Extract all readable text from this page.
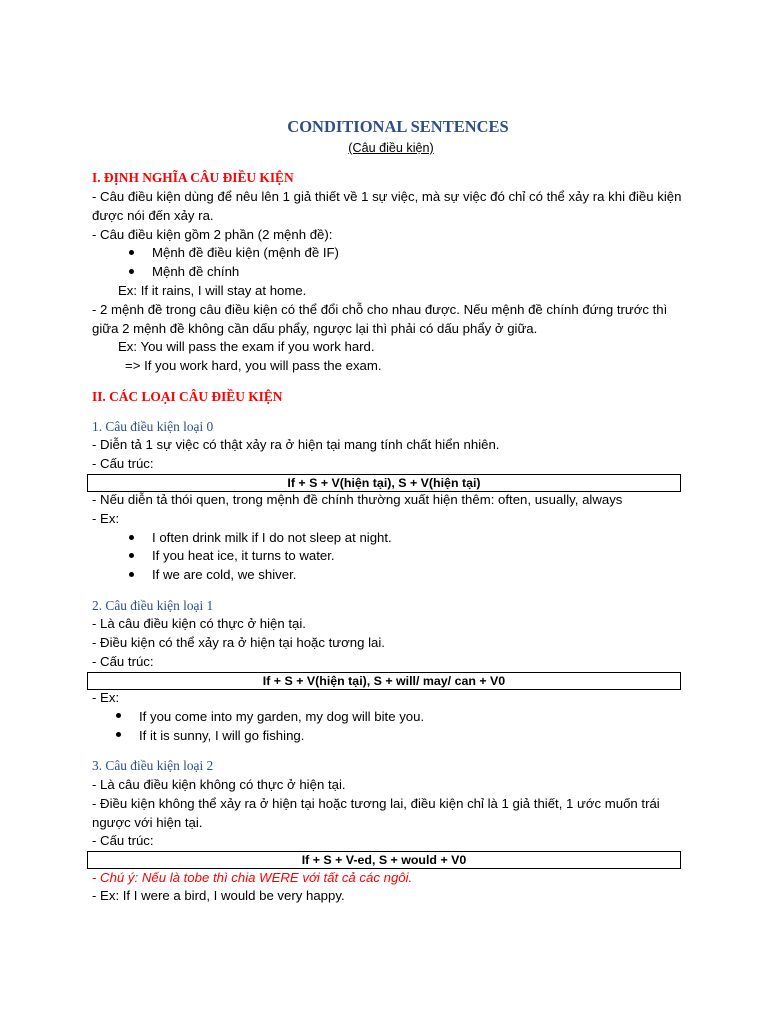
CONDITIONAL SENTENCES
(Câu điều kiện)
I. ĐỊNH NGHĨA CÂU ĐIỀU KIỆN
- Câu điều kiện dùng để nêu lên 1 giả thiết về 1 sự việc, mà sự việc đó chỉ có thể xảy ra khi điều kiện
được nói đến xảy ra.
- Câu điều kiện gồm 2 phần (2 mệnh đề):
Mệnh đề điều kiện (mệnh đề IF)
Mệnh đề chính
Ex: If it rains, I will stay at home.
- 2 mệnh đề trong câu điều kiện có thể đổi chỗ cho nhau được. Nếu mệnh đề chính đứng trước thì
giữa 2 mệnh đề không cần dấu phẩy, ngược lại thì phải có dấu phẩy ở giữa.
Ex: You will pass the exam if you work hard.
=> If you work hard, you will pass the exam.
II. CÁC LOẠI CÂU ĐIỀU KIỆN
1. Câu điều kiện loại 0
- Diễn tả 1 sự việc có thật xảy ra ở hiện tại mang tính chất hiển nhiên.
- Cấu trúc:
If + S + V(hiện tại), S + V(hiện tại)
- Nếu diễn tả thói quen, trong mệnh đề chính thường xuất hiện thêm: often, usually, always
- Ex:
I often drink milk if I do not sleep at night.
If you heat ice, it turns to water.
If we are cold, we shiver.
2. Câu điều kiện loại 1
- Là câu điều kiện có thực ở hiện tại.
- Điều kiện có thể xảy ra ở hiện tại hoặc tương lai.
- Cấu trúc:
If + S + V(hiện tại), S + will/ may/ can + V0
- Ex:
If you come into my garden, my dog will bite you.
If it is sunny, I will go fishing.
3. Câu điều kiện loại 2
- Là câu điều kiện không có thực ở hiện tại.
- Điều kiện không thể xảy ra ở hiện tại hoặc tương lai, điều kiện chỉ là 1 giả thiết, 1 ước muốn trái
ngược với hiện tại.
- Cấu trúc:
If + S + V-ed, S + would + V0
- Chú ý: Nếu là tobe thì chia WERE với tất cả các ngôi.
- Ex: If I were a bird, I would be very happy.
